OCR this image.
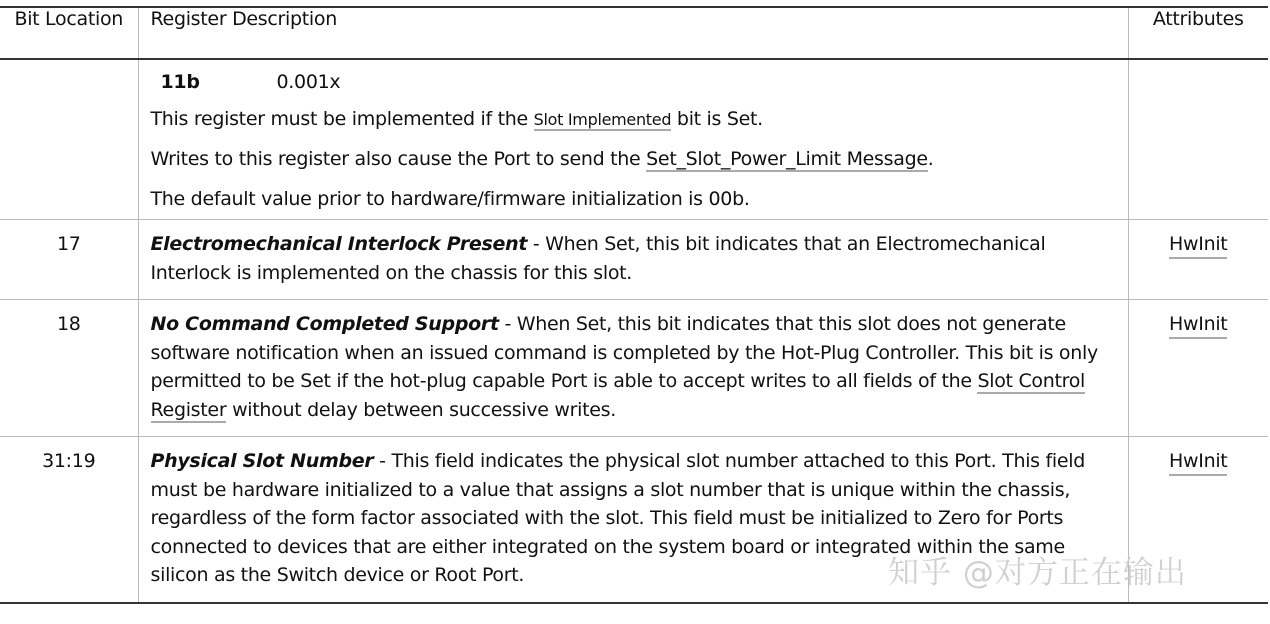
Bit Location	Register Description	Attributes

	11b 0.001x
This register must be implemented if the Slot Implemented bit is Set.
Writes to this register also cause the Port to send the Set_Slot_Power_Limit Message.
The default value prior to hardware/firmware initialization is 00b.	

17	Electromechanical Interlock Present - When Set, this bit indicates that an Electromechanical Interlock is implemented on the chassis for this slot.	HwInit
18	No Command Completed Support - When Set, this bit indicates that this slot does not generate software notification when an issued command is completed by the Hot-Plug Controller. This bit is only permitted to be Set if the hot-plug capable Port is able to accept writes to all fields of the Slot Control Register without delay between successive writes.	HwInit
31:19	Physical Slot Number - This field indicates the physical slot number attached to this Port. This field must be hardware initialized to a value that assigns a slot number that is unique within the chassis, regardless of the form factor associated with the slot. This field must be initialized to Zero for Ports connected to devices that are either integrated on the system board or integrated within the same silicon as the Switch device or Root Port.	HwInit
知乎 @对方正在输出
